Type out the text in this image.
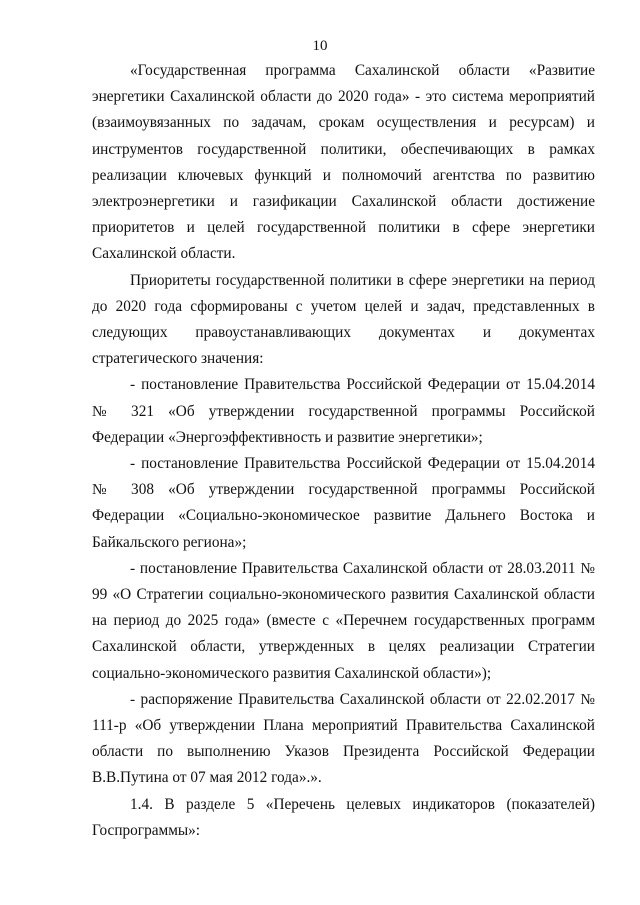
10

«Государственная программа Сахалинской области «Развитие энергетики Сахалинской области до 2020 года» - это система мероприятий (взаимоувязанных по задачам, срокам осуществления и ресурсам) и инструментов государственной политики, обеспечивающих в рамках реализации ключевых функций и полномочий агентства по развитию электроэнергетики и газификации Сахалинской области достижение приоритетов и целей государственной политики в сфере энергетики Сахалинской области.

Приоритеты государственной политики в сфере энергетики на период до 2020 года сформированы с учетом целей и задач, представленных в следующих правоустанавливающих документах и документах стратегического значения:

- постановление Правительства Российской Федерации от 15.04.2014 № 321 «Об утверждении государственной программы Российской Федерации «Энергоэффективность и развитие энергетики»;

- постановление Правительства Российской Федерации от 15.04.2014 № 308 «Об утверждении государственной программы Российской Федерации «Социально-экономическое развитие Дальнего Востока и Байкальского региона»;

- постановление Правительства Сахалинской области от 28.03.2011 № 99 «О Стратегии социально-экономического развития Сахалинской области на период до 2025 года» (вместе с «Перечнем государственных программ Сахалинской области, утвержденных в целях реализации Стратегии социально-экономического развития Сахалинской области»);

- распоряжение Правительства Сахалинской области от 22.02.2017 № 111-р «Об утверждении Плана мероприятий Правительства Сахалинской области по выполнению Указов Президента Российской Федерации В.В.Путина от 07 мая 2012 года».».

1.4. В разделе 5 «Перечень целевых индикаторов (показателей) Госпрограммы»:
